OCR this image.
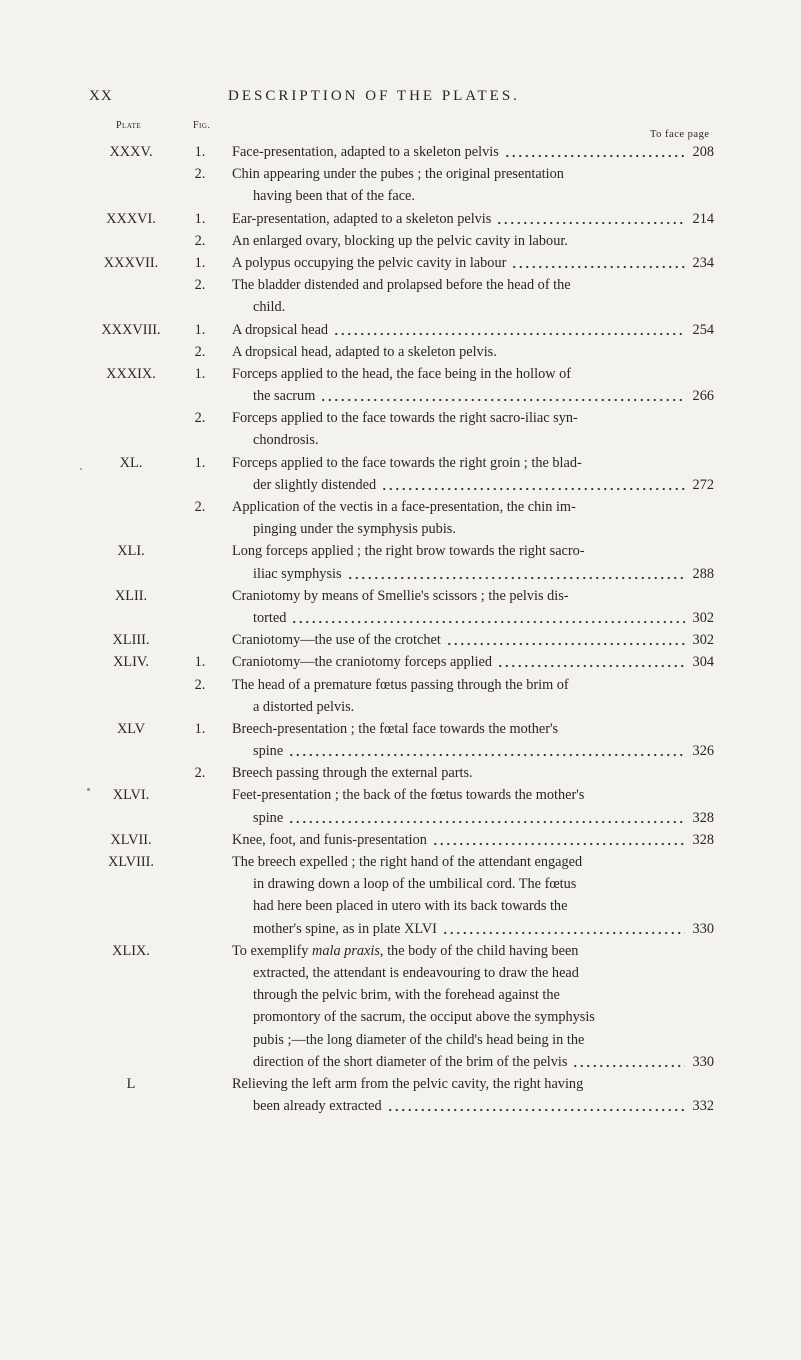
XX	DESCRIPTION OF THE PLATES.
Plate	Fig.
To face page
XXXV.	1.	Face-presentation, adapted to a skeleton pelvis	208
2.	Chin appearing under the pubes ; the original presentation
having been that of the face.
XXXVI.	1.	Ear-presentation, adapted to a skeleton pelvis	214
2.	An enlarged ovary, blocking up the pelvic cavity in labour.
XXXVII.	1.	A polypus occupying the pelvic cavity in labour	234
2.	The bladder distended and prolapsed before the head of the
child.
XXXVIII.	1.	A dropsical head	254
2.	A dropsical head, adapted to a skeleton pelvis.
XXXIX.	1.	Forceps applied to the head, the face being in the hollow of
the sacrum	266
2.	Forceps applied to the face towards the right sacro-iliac syn-
chondrosis.
XL.	1.	Forceps applied to the face towards the right groin ; the blad-
der slightly distended	272
2.	Application of the vectis in a face-presentation, the chin im-
pinging under the symphysis pubis.
XLI.	Long forceps applied ; the right brow towards the right sacro-
iliac symphysis	288
XLII.	Craniotomy by means of Smellie's scissors ; the pelvis dis-
torted	302
XLIII.	Craniotomy—the use of the crotchet	302
XLIV.	1.	Craniotomy—the craniotomy forceps applied	304
2.	The head of a premature fœtus passing through the brim of
a distorted pelvis.
XLV	1.	Breech-presentation ; the fœtal face towards the mother's
spine	326
2.	Breech passing through the external parts.
XLVI.	Feet-presentation ; the back of the fœtus towards the mother's
spine	328
XLVII.	Knee, foot, and funis-presentation	328
XLVIII.	The breech expelled ; the right hand of the attendant engaged
in drawing down a loop of the umbilical cord. The fœtus
had here been placed in utero with its back towards the
mother's spine, as in plate XLVI	330
XLIX.	To exemplify mala praxis, the body of the child having been
extracted, the attendant is endeavouring to draw the head
through the pelvic brim, with the forehead against the
promontory of the sacrum, the occiput above the symphysis
pubis ;—the long diameter of the child's head being in the
direction of the short diameter of the brim of the pelvis	330
L	Relieving the left arm from the pelvic cavity, the right having
been already extracted	332
